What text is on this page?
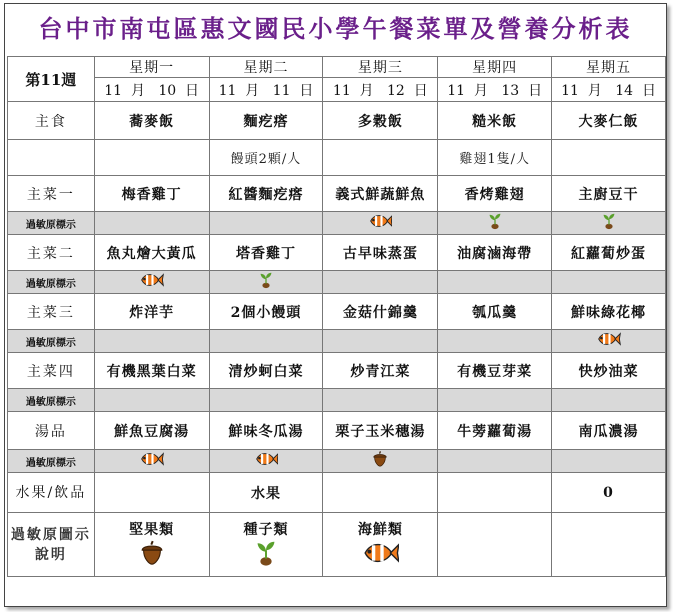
台中市南屯區惠文國民小學午餐菜單及營養分析表
第11週	星期一	星期二	星期三	星期四	星期五
	11 月 10 日	11 月 11 日	11 月 12 日	11 月 13 日	11 月 14 日
主食	蕎麥飯	麵疙瘩	多穀飯	糙米飯	大麥仁飯
		饅頭2顆/人		雞翅1隻/人	
主菜一	梅香雞丁	紅醬麵疙瘩	義式鮮蔬鮮魚	香烤雞翅	主廚豆干
過敏原標示					
主菜二	魚丸燴大黃瓜	塔香雞丁	古早味蒸蛋	油腐滷海帶	紅蘿蔔炒蛋
過敏原標示					
主菜三	炸洋芋	2個小饅頭	金菇什錦羹	瓠瓜羹	鮮味綠花椰
過敏原標示					
主菜四	有機黑葉白菜	清炒蚵白菜	炒青江菜	有機豆芽菜	快炒油菜
過敏原標示					
湯品	鮮魚豆腐湯	鮮味冬瓜湯	栗子玉米穗湯	牛蒡蘿蔔湯	南瓜濃湯
過敏原標示					
水果/飲品		水果			0
過敏原圖示說明	堅果類	種子類	海鮮類		
